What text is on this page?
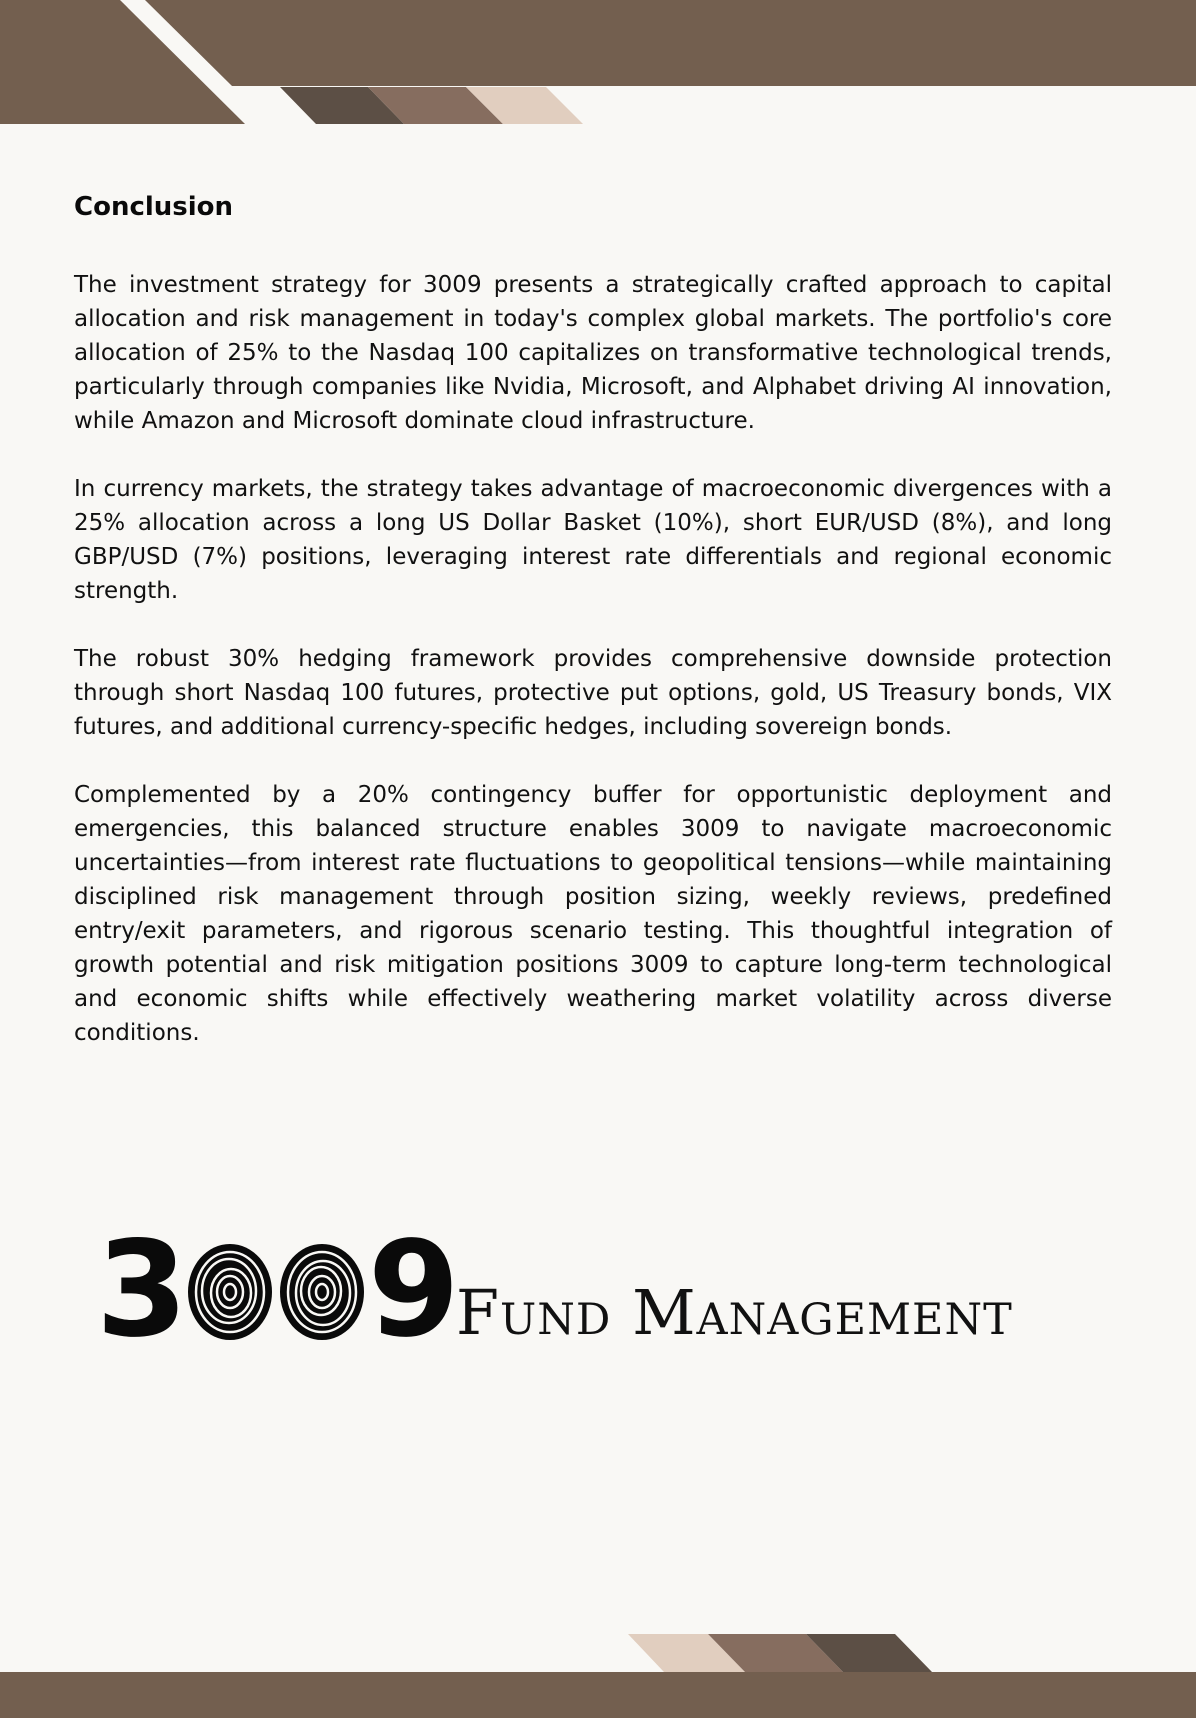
Conclusion

The investment strategy for 3009 presents a strategically crafted approach to capital allocation and risk management in today's complex global markets. The portfolio's core allocation of 25% to the Nasdaq 100 capitalizes on transformative technological trends, particularly through companies like Nvidia, Microsoft, and Alphabet driving AI innovation, while Amazon and Microsoft dominate cloud infrastructure.

In currency markets, the strategy takes advantage of macroeconomic divergences with a 25% allocation across a long US Dollar Basket (10%), short EUR/USD (8%), and long GBP/USD (7%) positions, leveraging interest rate differentials and regional economic strength.

The robust 30% hedging framework provides comprehensive downside protection through short Nasdaq 100 futures, protective put options, gold, US Treasury bonds, VIX futures, and additional currency-specific hedges, including sovereign bonds.

Complemented by a 20% contingency buffer for opportunistic deployment and emergencies, this balanced structure enables 3009 to navigate macroeconomic uncertainties—from interest rate fluctuations to geopolitical tensions—while maintaining disciplined risk management through position sizing, weekly reviews, predefined entry/exit parameters, and rigorous scenario testing. This thoughtful integration of growth potential and risk mitigation positions 3009 to capture long-term technological and economic shifts while effectively weathering market volatility across diverse conditions.

3 9 Fund Management
